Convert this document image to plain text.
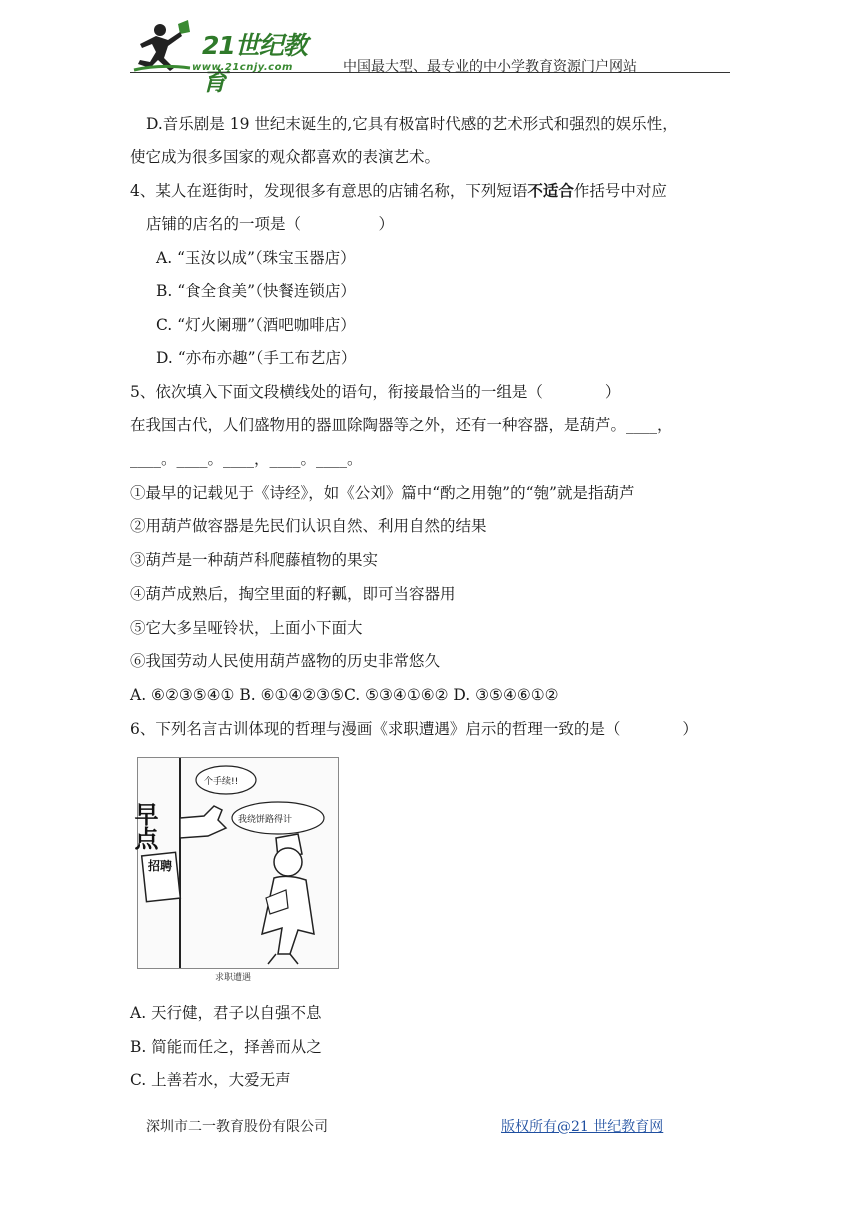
21世纪教育
www.21cnjy.com	中国最大型、最专业的中小学教育资源门户网站
D.音乐剧是 19 世纪末诞生的,它具有极富时代感的艺术形式和强烈的娱乐性，
使它成为很多国家的观众都喜欢的表演艺术。
4、某人在逛街时，发现很多有意思的店铺名称，下列短语不适合作括号中对应
店铺的店名的一项是（　　　　　）
A. “玉汝以成”（珠宝玉器店）
B. “食全食美”（快餐连锁店）
C. “灯火阑珊”（酒吧咖啡店）
D. “亦布亦趣”（手工布艺店）
5、依次填入下面文段横线处的语句，衔接最恰当的一组是（　　　　）
在我国古代，人们盛物用的器皿除陶器等之外，还有一种容器，是葫芦。____，
____。____。____，____。____。
①最早的记载见于《诗经》，如《公刘》篇中“酌之用匏”的“匏”就是指葫芦
②用葫芦做容器是先民们认识自然、利用自然的结果
③葫芦是一种葫芦科爬藤植物的果实
④葫芦成熟后，掏空里面的籽瓤，即可当容器用
⑤它大多呈哑铃状，上面小下面大
⑥我国劳动人民使用葫芦盛物的历史非常悠久
A. ⑥②③⑤④① B. ⑥①④②③⑤C. ⑤③④①⑥② D. ③⑤④⑥①②
6、下列名言古训体现的哲理与漫画《求职遭遇》启示的哲理一致的是（　　　　）
早点
招聘
个手续!!
我绕饼路得计
求职遭遇
A. 天行健，君子以自强不息
B. 简能而任之，择善而从之
C. 上善若水，大爱无声
深圳市二一教育股份有限公司	版权所有@21 世纪教育网
